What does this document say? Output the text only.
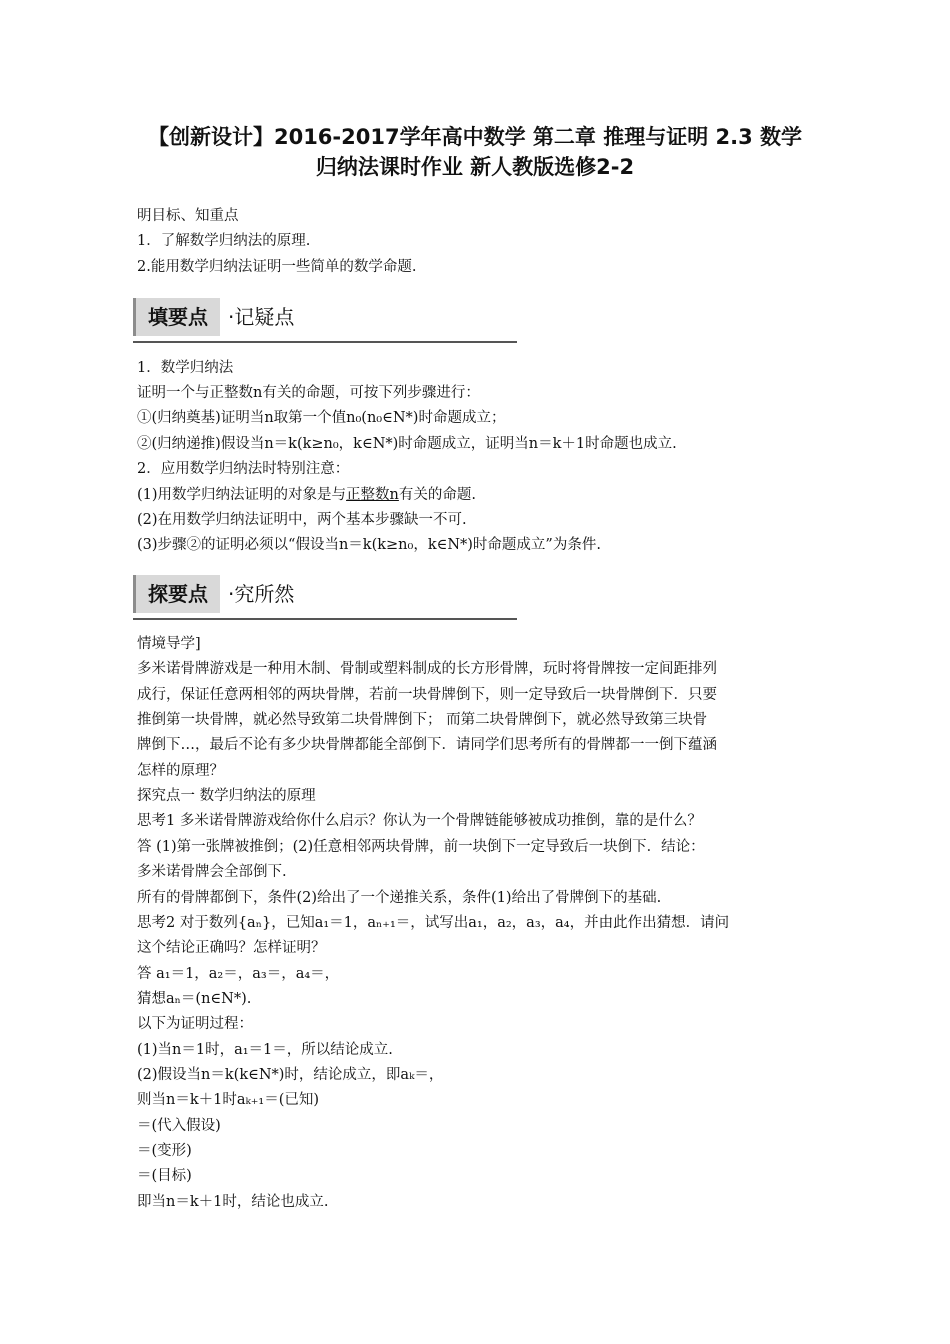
【创新设计】2016-2017学年高中数学 第二章 推理与证明 2.3 数学
归纳法课时作业 新人教版选修2-2
明目标、知重点
1．了解数学归纳法的原理.
2.能用数学归纳法证明一些简单的数学命题.
填要点	·记疑点
1．数学归纳法
证明一个与正整数n有关的命题，可按下列步骤进行：
①(归纳奠基)证明当n取第一个值n₀(n₀∈N*)时命题成立；
②(归纳递推)假设当n＝k(k≥n₀，k∈N*)时命题成立，证明当n＝k＋1时命题也成立.
2．应用数学归纳法时特别注意：
(1)用数学归纳法证明的对象是与正整数n有关的命题.
(2)在用数学归纳法证明中，两个基本步骤缺一不可.
(3)步骤②的证明必须以“假设当n＝k(k≥n₀，k∈N*)时命题成立”为条件.
探要点	·究所然
情境导学]
多米诺骨牌游戏是一种用木制、骨制或塑料制成的长方形骨牌，玩时将骨牌按一定间距排列
成行，保证任意两相邻的两块骨牌，若前一块骨牌倒下，则一定导致后一块骨牌倒下．只要
推倒第一块骨牌，就必然导致第二块骨牌倒下； 而第二块骨牌倒下，就必然导致第三块骨
牌倒下…，最后不论有多少块骨牌都能全部倒下．请同学们思考所有的骨牌都一一倒下蕴涵
怎样的原理？
探究点一 数学归纳法的原理
思考1 多米诺骨牌游戏给你什么启示？你认为一个骨牌链能够被成功推倒，靠的是什么？
答 (1)第一张牌被推倒；(2)任意相邻两块骨牌，前一块倒下一定导致后一块倒下．结论：
多米诺骨牌会全部倒下.
所有的骨牌都倒下，条件(2)给出了一个递推关系，条件(1)给出了骨牌倒下的基础.
思考2 对于数列{aₙ}，已知a₁＝1，aₙ₊₁＝，试写出a₁，a₂，a₃，a₄，并由此作出猜想．请问
这个结论正确吗？怎样证明？
答 a₁＝1，a₂＝，a₃＝，a₄＝，
猜想aₙ＝(n∈N*).
以下为证明过程：
(1)当n＝1时，a₁＝1＝，所以结论成立.
(2)假设当n＝k(k∈N*)时，结论成立，即aₖ＝，
则当n＝k＋1时aₖ₊₁＝(已知)
＝(代入假设)
＝(变形)
＝(目标)
即当n＝k＋1时，结论也成立.
